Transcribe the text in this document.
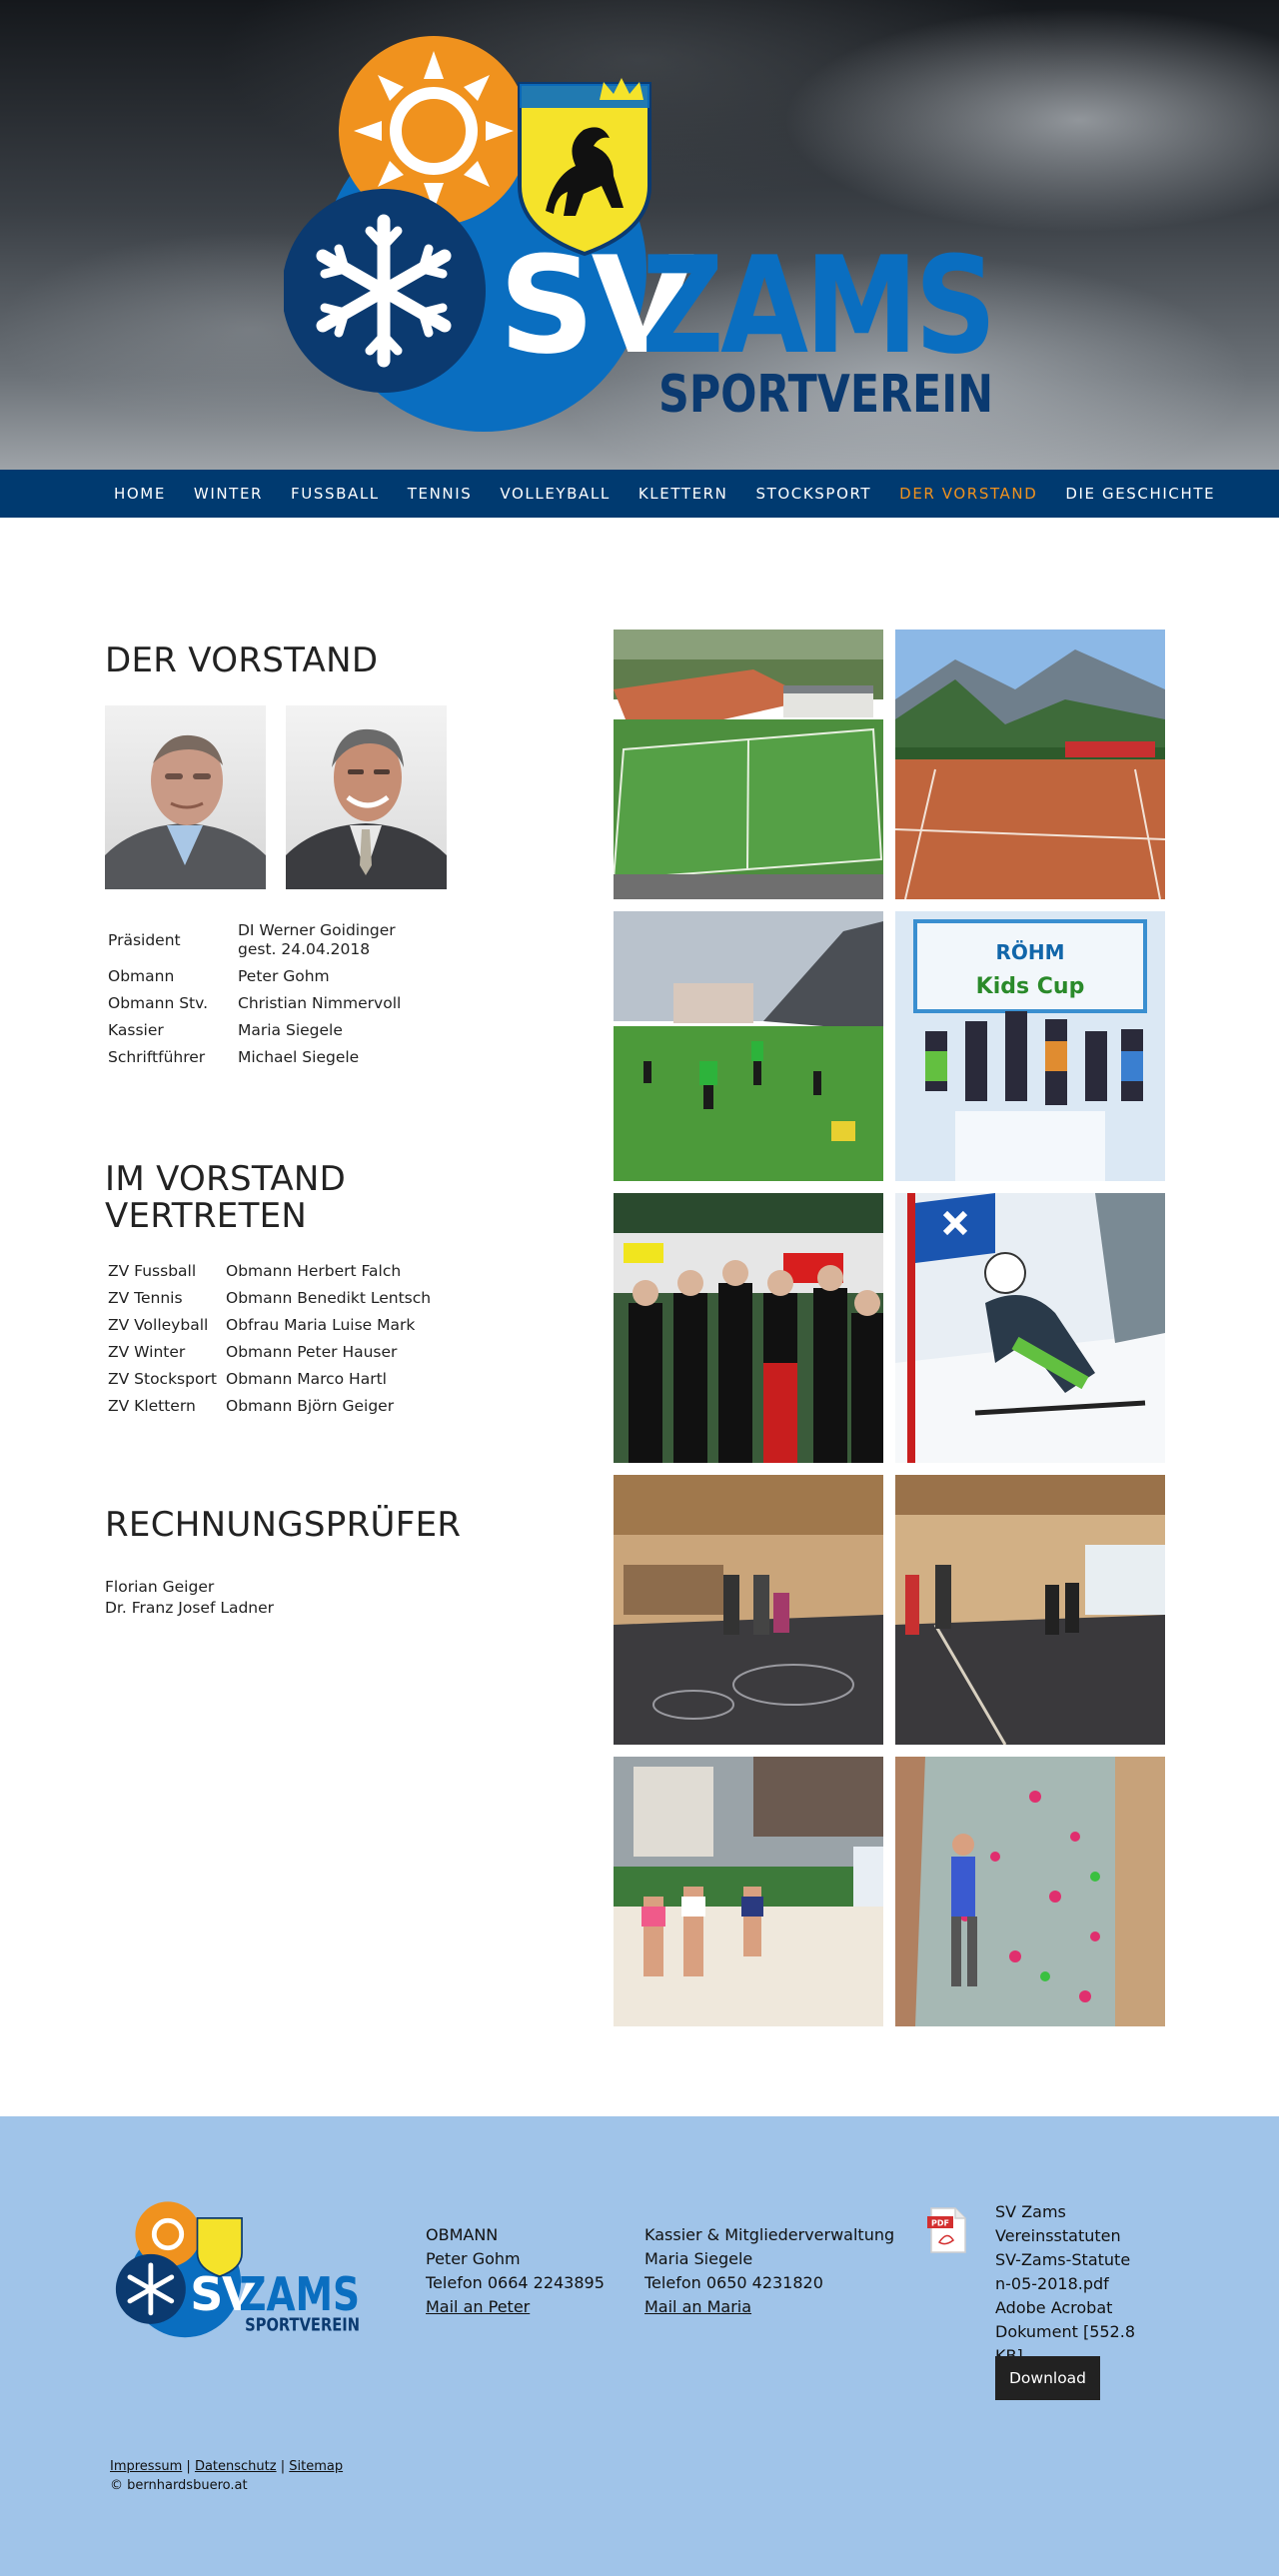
SV
ZAMS
SPORTVEREIN
HOME WINTER FUSSBALL TENNIS VOLLEYBALL KLETTERN STOCKSPORT DER VORSTAND DIE GESCHICHTE
DER VORSTAND
Präsident	DI Werner Goidinger
gest. 24.04.2018
Obmann	Peter Gohm
Obmann Stv.	Christian Nimmervoll
Kassier	Maria Siegele
Schriftführer	Michael Siegele
IM VORSTAND
VERTRETEN
ZV Fussball	Obmann Herbert Falch
ZV Tennis	Obmann Benedikt Lentsch
ZV Volleyball	Obfrau Maria Luise Mark
ZV Winter	Obmann Peter Hauser
ZV Stocksport	Obmann Marco Hartl
ZV Klettern	Obmann Björn Geiger
RECHNUNGSPRÜFER
Florian Geiger
Dr. Franz Josef Ladner
RÖHM
Kids Cup
SV
ZAMS
SPORTVEREIN
OBMANN
Peter Gohm
Telefon 0664 2243895
Mail an Peter
Kassier & Mitgliederverwaltung
Maria Siegele
Telefon 0650 4231820
Mail an Maria
PDF
SV Zams Vereinsstatuten
SV-Zams-Statuten-05-2018.pdf
Adobe Acrobat Dokument [552.8
Download
Impressum | Datenschutz | Sitemap
© bernhardsbuero.at
